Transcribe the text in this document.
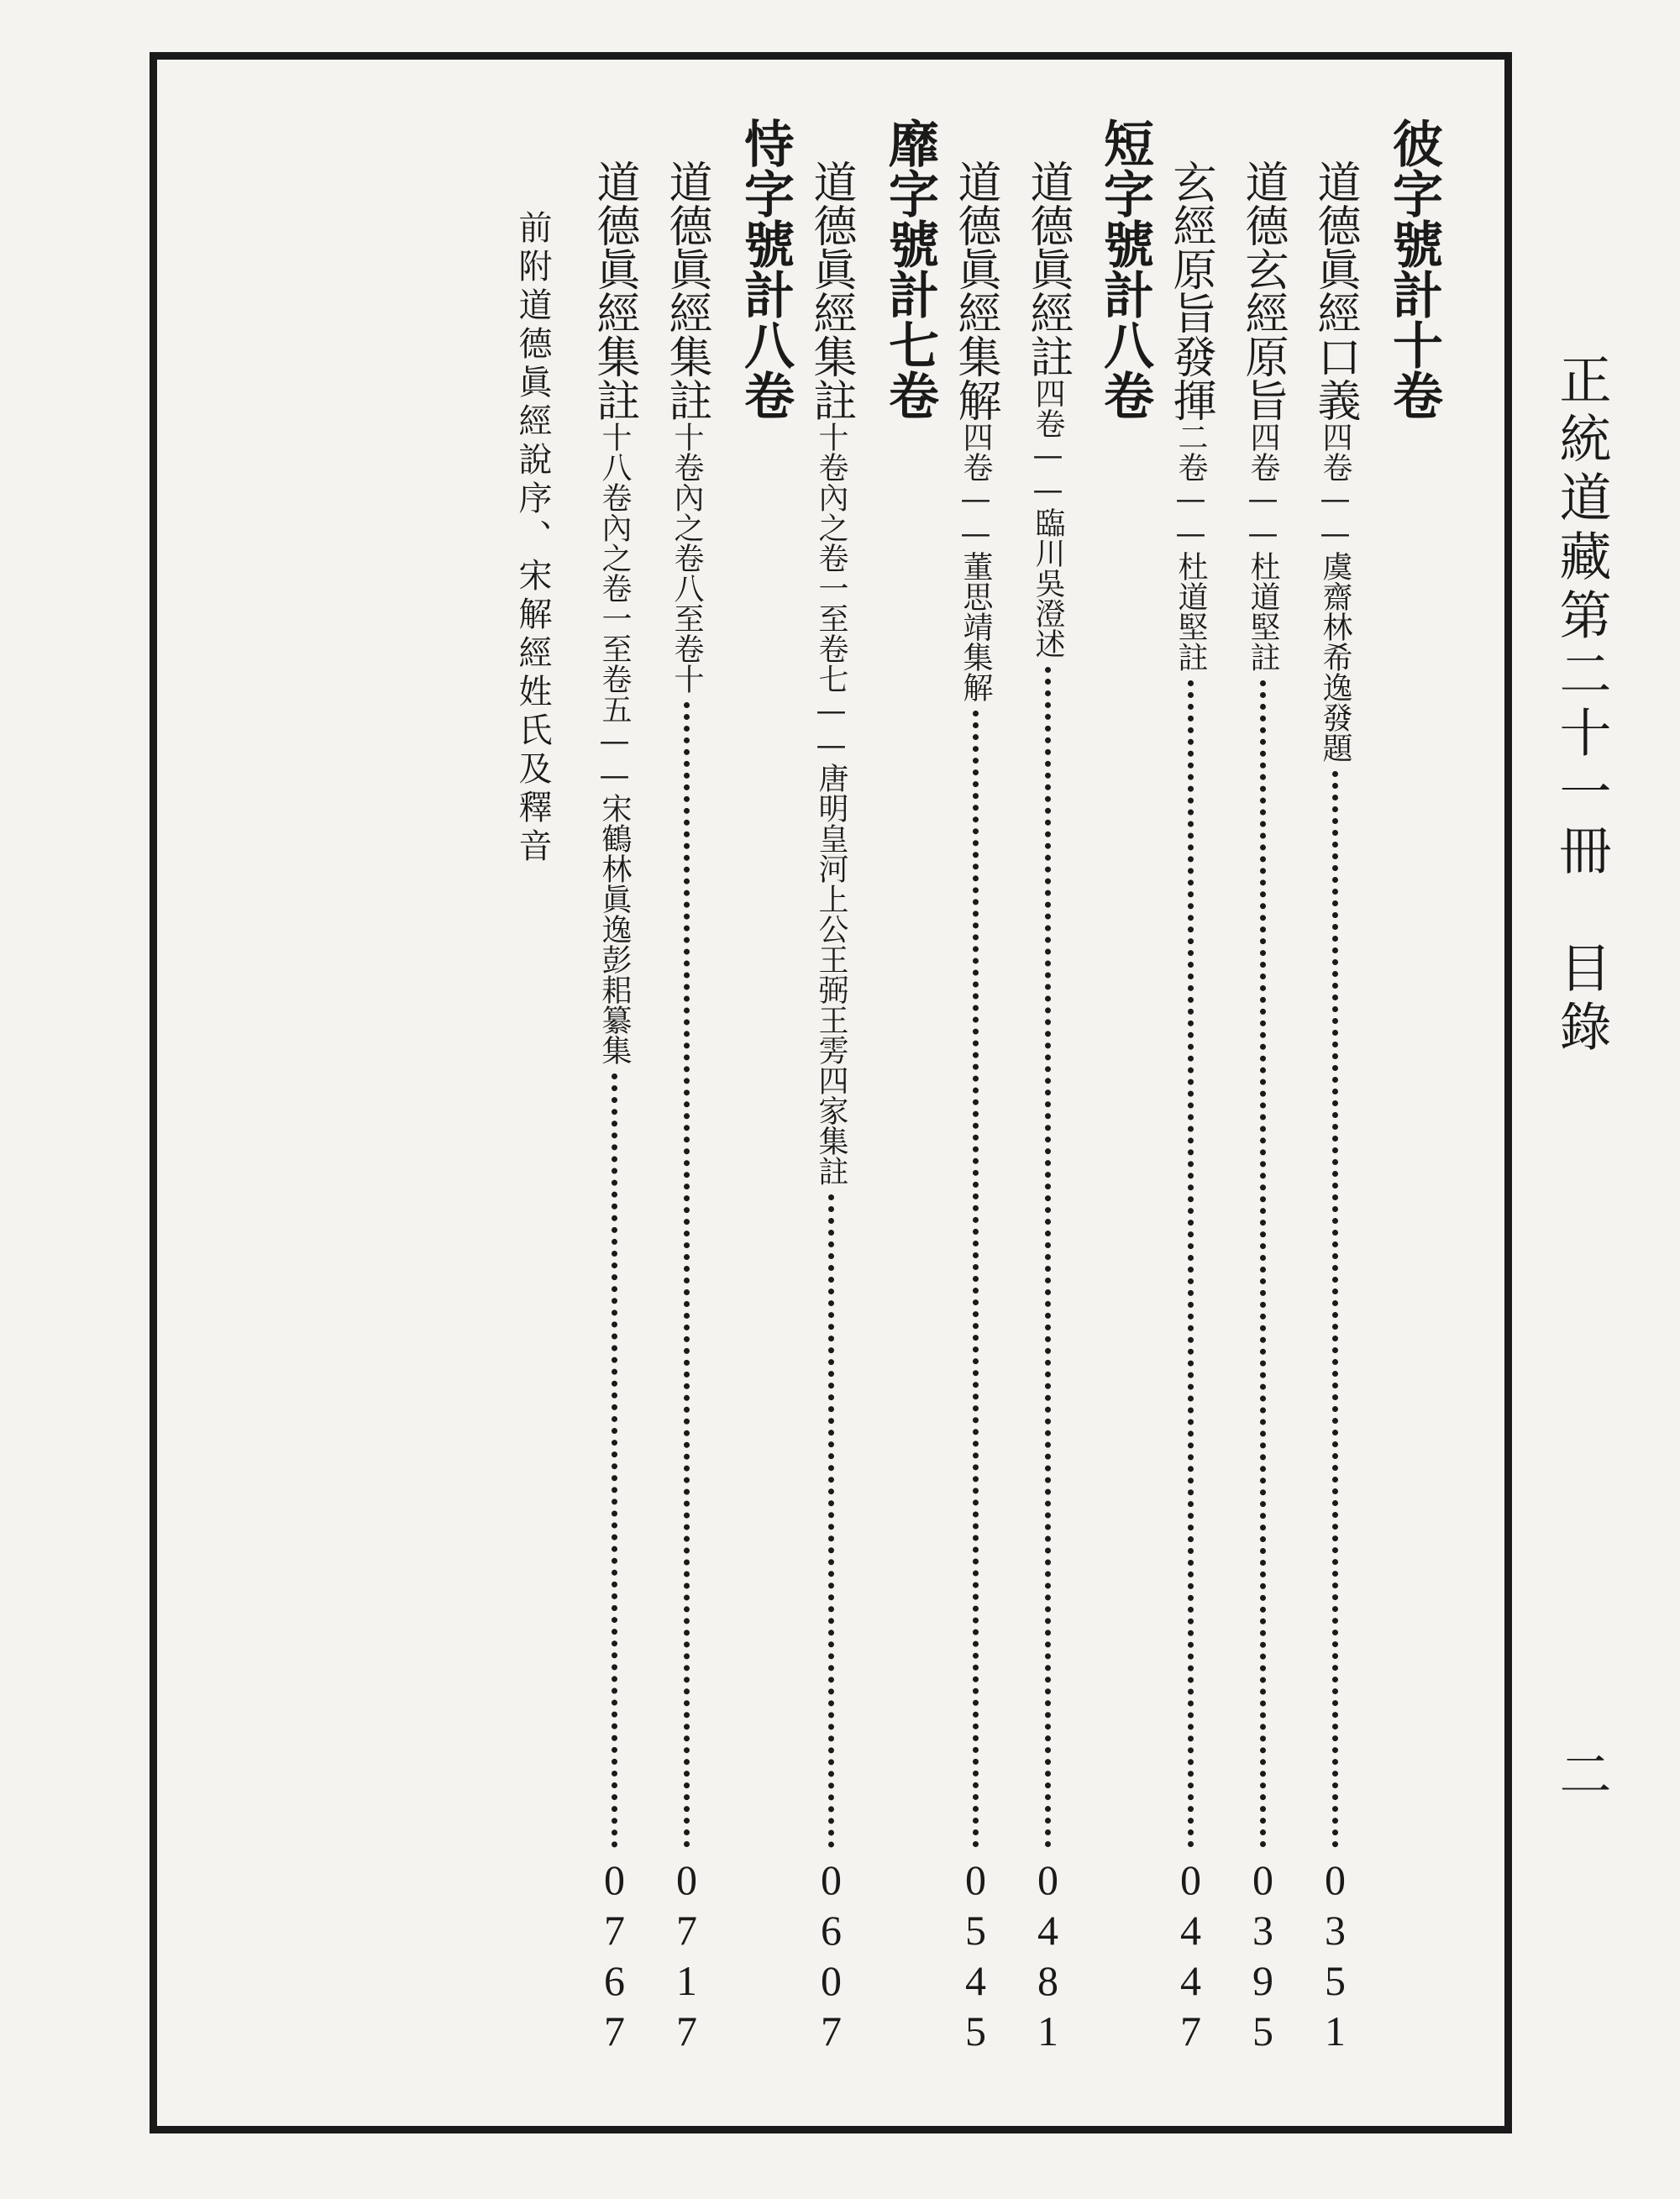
正統道藏第二十一冊　目錄
二
彼字號計十卷
道德眞經口義
四卷——虞齋林希逸發題
0351
道德玄經原旨
四卷——杜道堅註
0395
玄經原旨發揮
二卷——杜道堅註
0447
短字號計八卷
道德眞經註
四卷——臨川吳澄述
0481
道德眞經集解
四卷——董思靖集解
0545
靡字號計七卷
道德眞經集註
十卷內之卷一至卷七——唐明皇河上公王弼王雱四家集註
0607
恃字號計八卷
道德眞經集註
十卷內之卷八至卷十
0717
道德眞經集註
十八卷內之卷一至卷五——宋鶴林眞逸彭耜纂集
0767
前附道德眞經說序、宋解經姓氏及釋音
